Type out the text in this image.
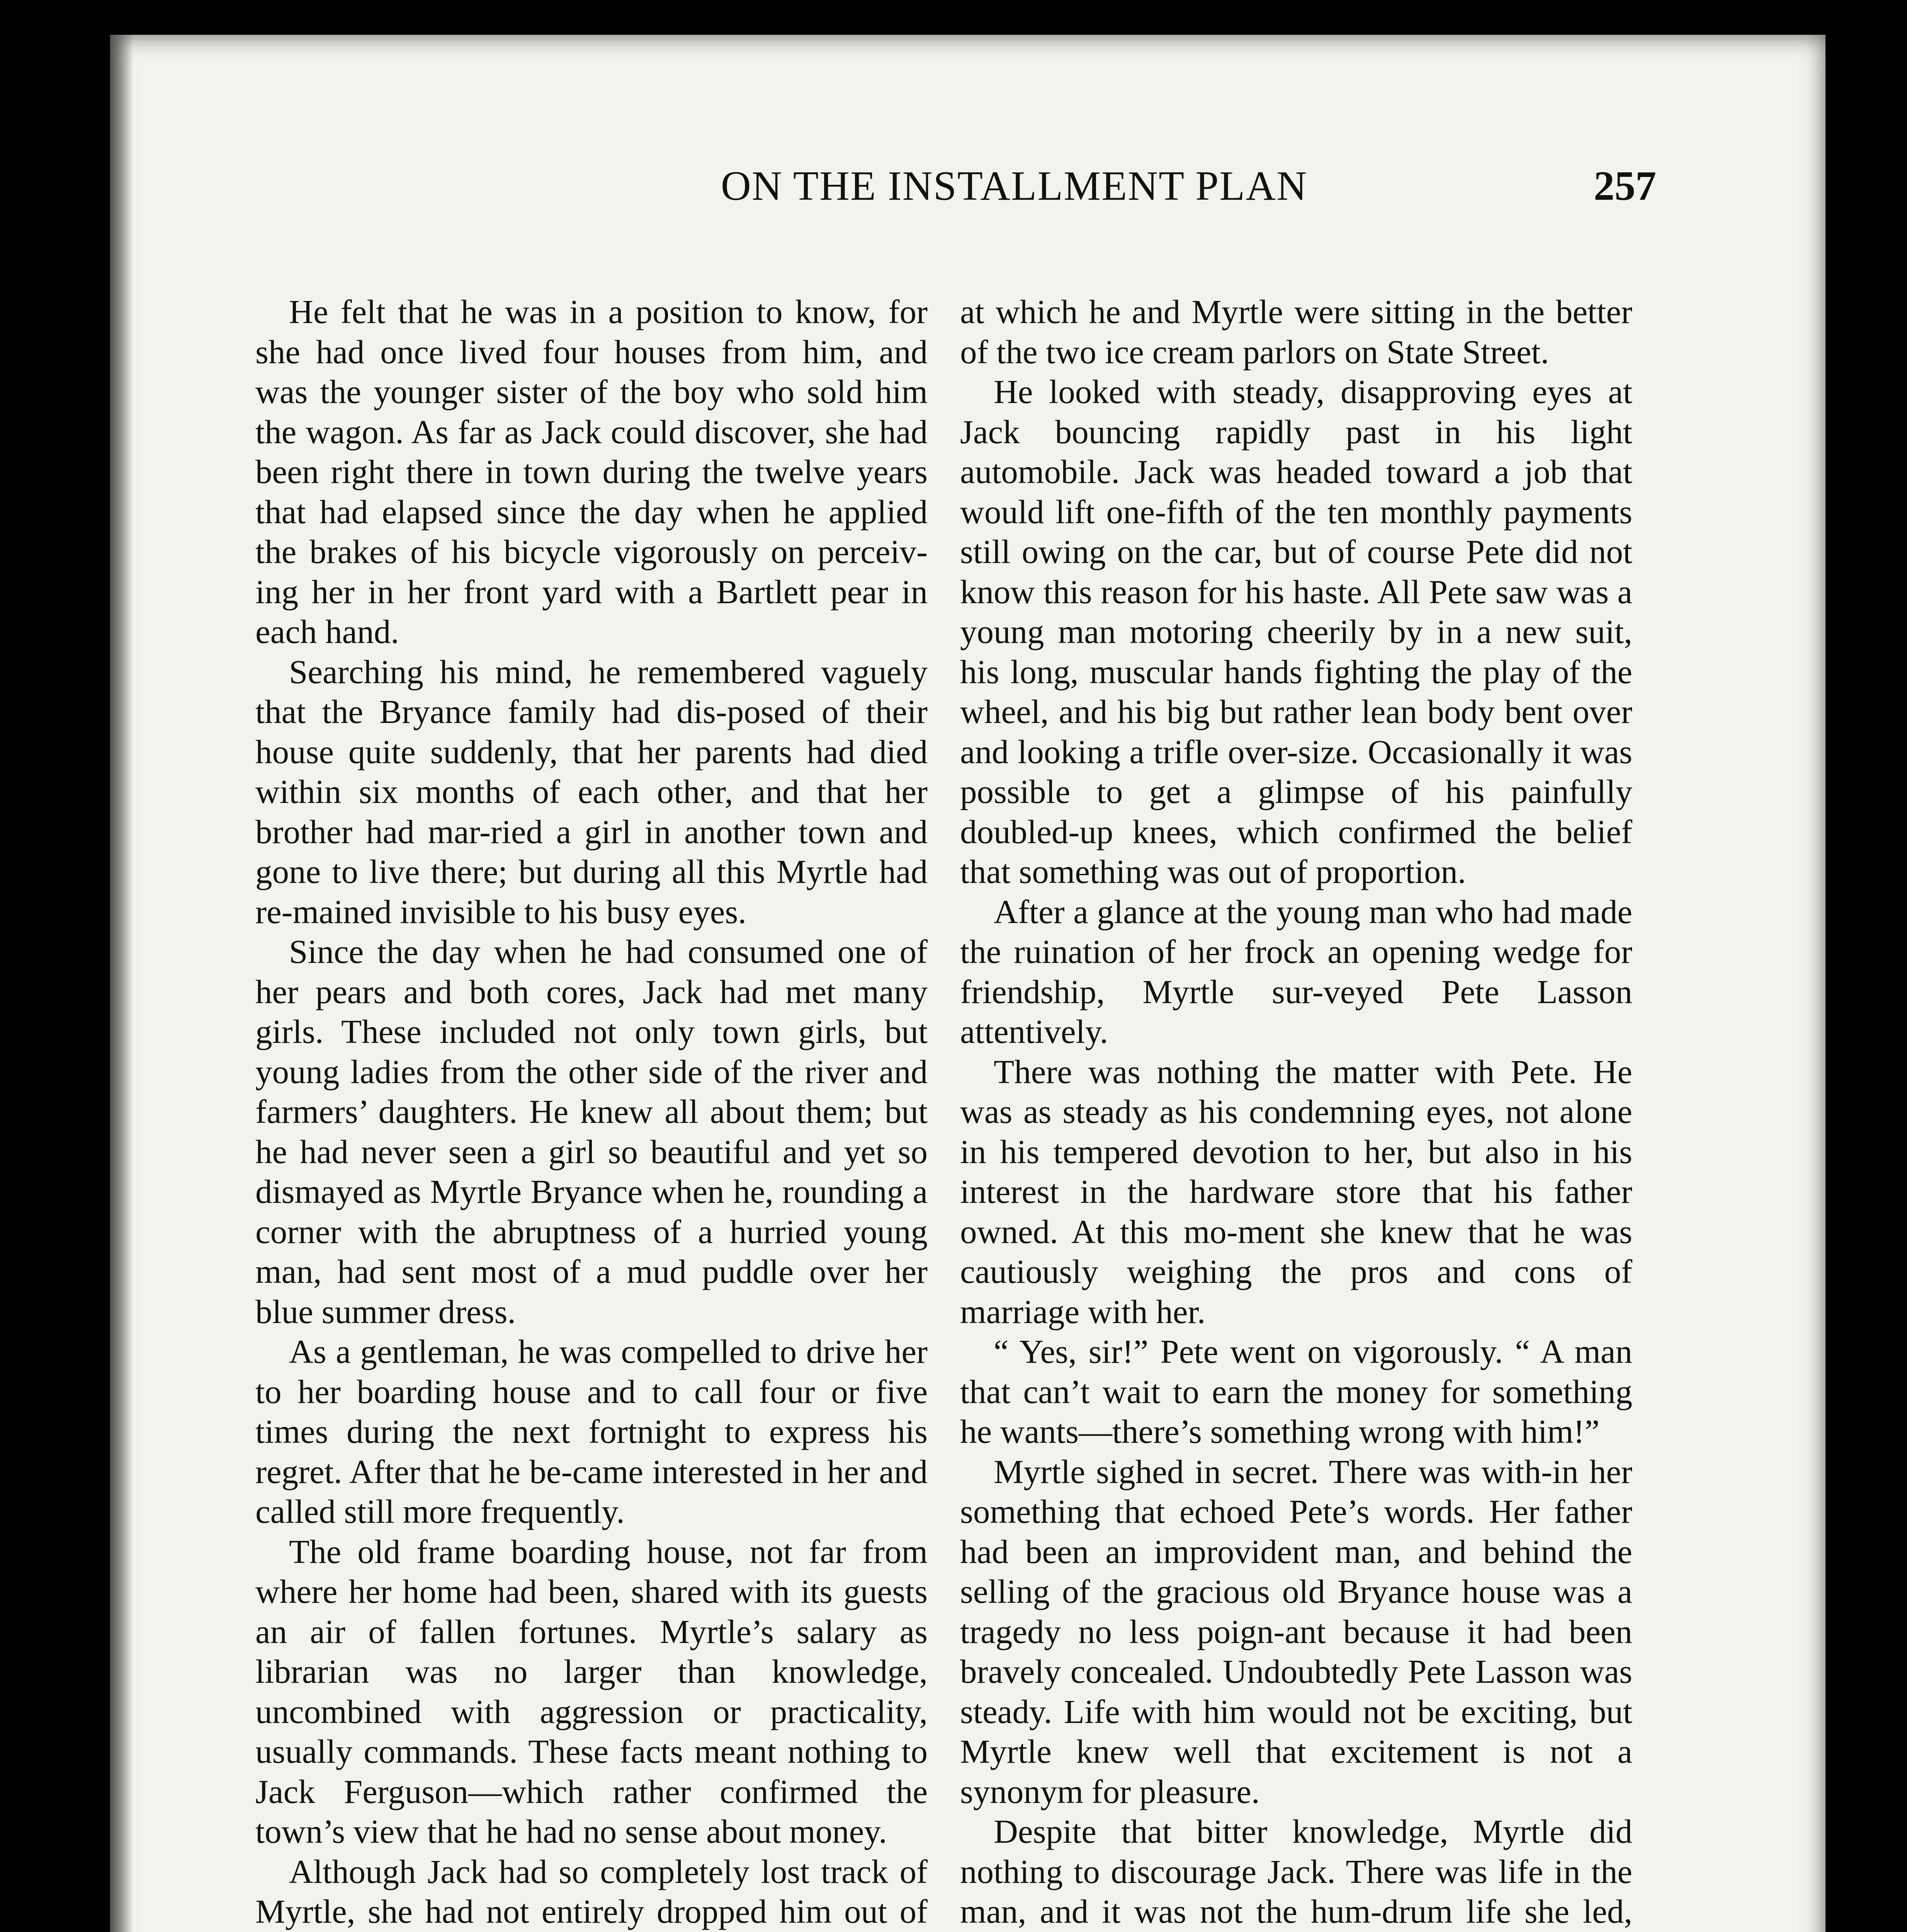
ON THE INSTALLMENT PLAN	257

He felt that he was in a position to know, for she had once lived four houses from him, and was the younger sister of the boy who sold him the wagon. As far as Jack could discover, she had been right there in town during the twelve years that had elapsed since the day when he applied the brakes of his bicycle vigorously on perceiv-ing her in her front yard with a Bartlett pear in each hand.

Searching his mind, he remembered vaguely that the Bryance family had dis-posed of their house quite suddenly, that her parents had died within six months of each other, and that her brother had mar-ried a girl in another town and gone to live there; but during all this Myrtle had re-mained invisible to his busy eyes.

Since the day when he had consumed one of her pears and both cores, Jack had met many girls. These included not only town girls, but young ladies from the other side of the river and farmers’ daughters. He knew all about them; but he had never seen a girl so beautiful and yet so dismayed as Myrtle Bryance when he, rounding a corner with the abruptness of a hurried young man, had sent most of a mud puddle over her blue summer dress.

As a gentleman, he was compelled to drive her to her boarding house and to call four or five times during the next fortnight to express his regret. After that he be-came interested in her and called still more frequently.

The old frame boarding house, not far from where her home had been, shared with its guests an air of fallen fortunes. Myrtle’s salary as librarian was no larger than knowledge, uncombined with aggression or practicality, usually commands. These facts meant nothing to Jack Ferguson—which rather confirmed the town’s view that he had no sense about money.

Although Jack had so completely lost track of Myrtle, she had not entirely dropped him out of

at which he and Myrtle were sitting in the better of the two ice cream parlors on State Street.

He looked with steady, disapproving eyes at Jack bouncing rapidly past in his light automobile. Jack was headed toward a job that would lift one-fifth of the ten monthly payments still owing on the car, but of course Pete did not know this reason for his haste. All Pete saw was a young man motoring cheerily by in a new suit, his long, muscular hands fighting the play of the wheel, and his big but rather lean body bent over and looking a trifle over-size. Occasionally it was possible to get a glimpse of his painfully doubled-up knees, which confirmed the belief that something was out of proportion.

After a glance at the young man who had made the ruination of her frock an opening wedge for friendship, Myrtle sur-veyed Pete Lasson attentively.

There was nothing the matter with Pete. He was as steady as his condemning eyes, not alone in his tempered devotion to her, but also in his interest in the hardware store that his father owned. At this mo-ment she knew that he was cautiously weighing the pros and cons of marriage with her.

“ Yes, sir!” Pete went on vigorously. “ A man that can’t wait to earn the money for something he wants—there’s something wrong with him!”

Myrtle sighed in secret. There was with-in her something that echoed Pete’s words. Her father had been an improvident man, and behind the selling of the gracious old Bryance house was a tragedy no less poign-ant because it had been bravely concealed. Undoubtedly Pete Lasson was steady. Life with him would not be exciting, but Myrtle knew well that excitement is not a synonym for pleasure.

Despite that bitter knowledge, Myrtle did nothing to discourage Jack. There was life in the man, and it was not the hum-drum life she led,
